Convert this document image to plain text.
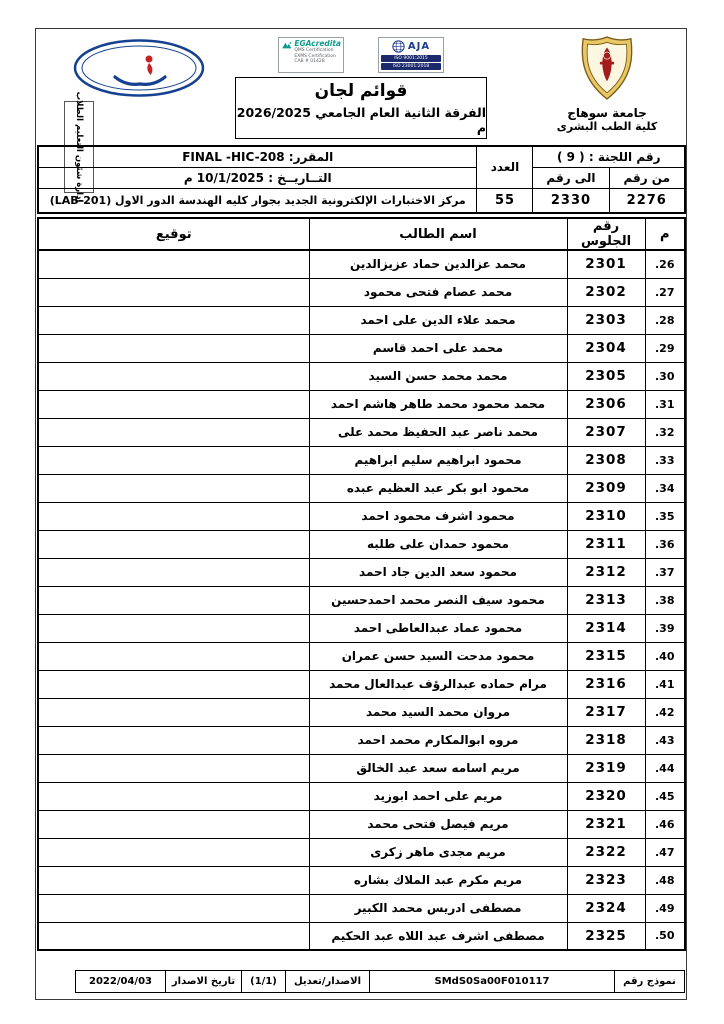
إدارة شئون التعليم الطلاب
EGAcredita
QMS Certification
EXMS Certification
CAB # 0142B
AJA
ISO 9001:2015
ISO 23001:2018
قوائم لجان
الفرقة الثانية العام الجامعي 2026/2025 م
جامعة سوهاج
كلية الطب البشرى
رقم اللجنة : ( 9 )		العدد	المقرر: FINAL -HIC-208
من رقم	الى رقم		التــاريــخ : 10/1/2025 م
2276	2330	55	مركز الاختبارات الإلكترونية الجديد بجوار كليه الهندسة الدور الاول (LAB-201)
م	رقم الجلوس	اسم الطالب	توقيع
.26	2301	محمد عزالدين حماد عزيزالدين	
.27	2302	محمد عصام فتحى محمود	
.28	2303	محمد علاء الدين على احمد	
.29	2304	محمد على احمد قاسم	
.30	2305	محمد محمد حسن السيد	
.31	2306	محمد محمود محمد طاهر هاشم احمد	
.32	2307	محمد ناصر عبد الحفيظ محمد على	
.33	2308	محمود ابراهيم سليم ابراهيم	
.34	2309	محمود ابو بكر عبد العظيم عبده	
.35	2310	محمود اشرف محمود احمد	
.36	2311	محمود حمدان على طلبه	
.37	2312	محمود سعد الدين جاد احمد	
.38	2313	محمود سيف النصر محمد احمدحسين	
.39	2314	محمود عماد عبدالعاطى احمد	
.40	2315	محمود مدحت السيد حسن عمران	
.41	2316	مرام حماده عبدالرؤف عبدالعال محمد	
.42	2317	مروان محمد السيد محمد	
.43	2318	مروه ابوالمكارم محمد احمد	
.44	2319	مريم اسامه سعد عبد الخالق	
.45	2320	مريم على احمد ابوزيد	
.46	2321	مريم فيصل فتحى محمد	
.47	2322	مريم مجدى ماهر زكرى	
.48	2323	مريم مكرم عبد الملاك بشاره	
.49	2324	مصطفى ادريس محمد الكبير	
.50	2325	مصطفى اشرف عبد اللاه عبد الحكيم	
نموذج رقم	SMdS0Sa00F010117	الاصدار/تعديل	(1/1)	تاريخ الاصدار	2022/04/03
